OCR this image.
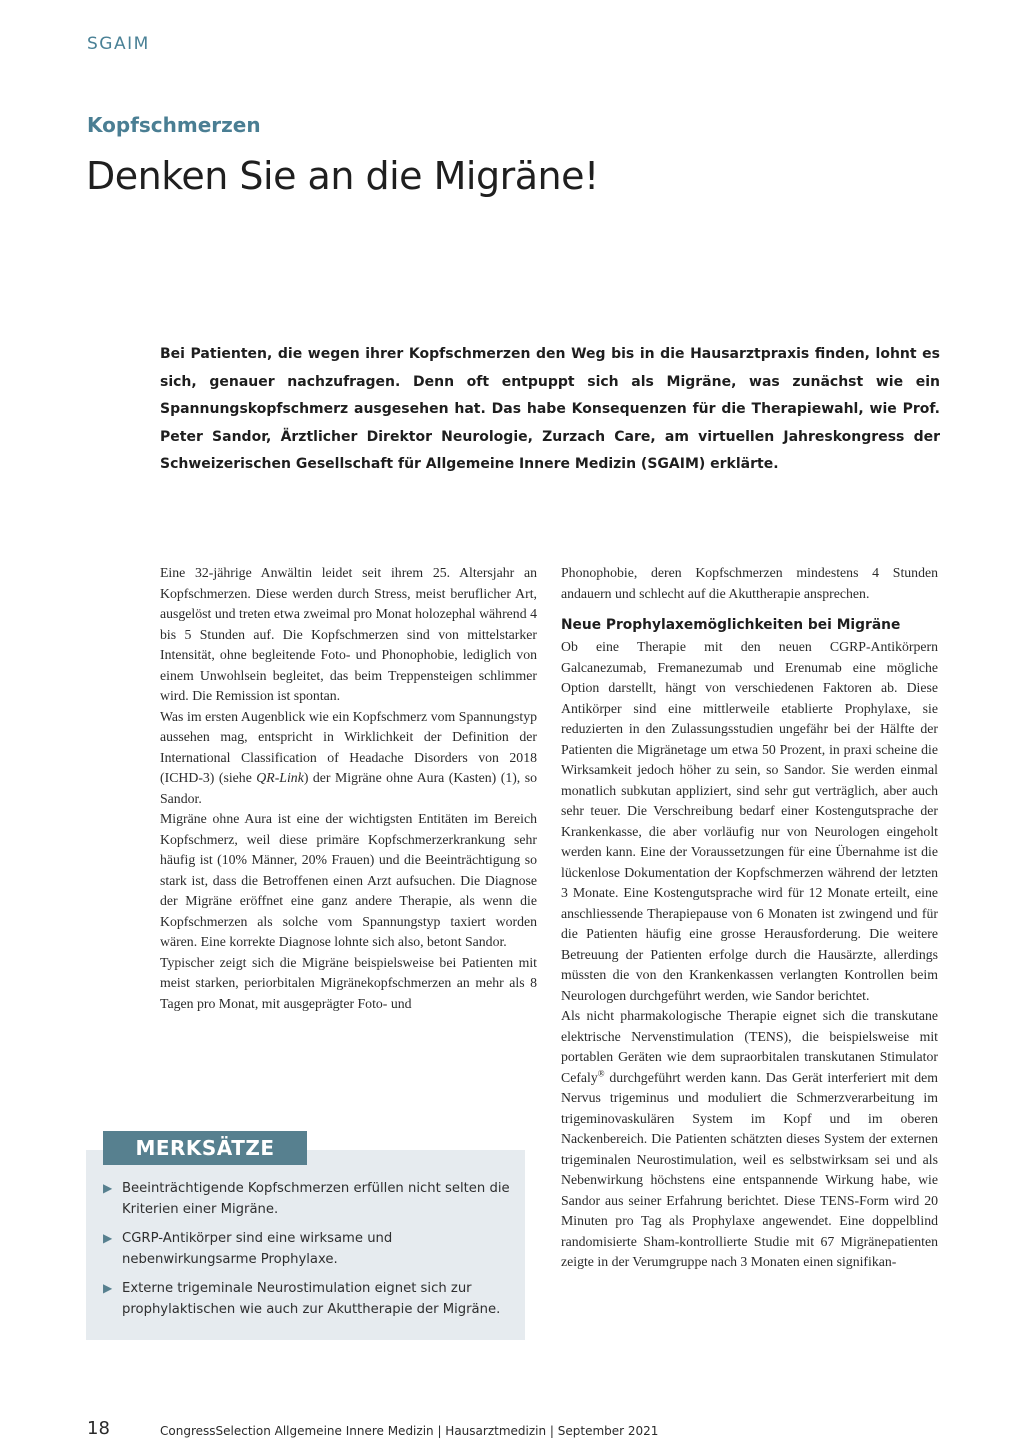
SGAIM
Kopfschmerzen
Denken Sie an die Migräne!

Bei Patienten, die wegen ihrer Kopfschmerzen den Weg bis in die Hausarztpraxis finden, lohnt es sich, genauer nachzufragen. Denn oft entpuppt sich als Migräne, was zunächst wie ein Spannungskopfschmerz ausgesehen hat. Das habe Konsequenzen für die Therapiewahl, wie Prof. Peter Sandor, Ärztlicher Direktor Neurologie, Zurzach Care, am virtuellen Jahreskongress der Schweizerischen Gesellschaft für Allgemeine Innere Medizin (SGAIM) erklärte.

Eine 32-jährige Anwältin leidet seit ihrem 25. Altersjahr an Kopfschmerzen. Diese werden durch Stress, meist beruflicher Art, ausgelöst und treten etwa zweimal pro Monat holozephal während 4 bis 5 Stunden auf. Die Kopfschmerzen sind von mittelstarker Intensität, ohne begleitende Foto- und Phonophobie, lediglich von einem Unwohlsein begleitet, das beim Treppensteigen schlimmer wird. Die Remission ist spontan.

Was im ersten Augenblick wie ein Kopfschmerz vom Spannungstyp aussehen mag, entspricht in Wirklichkeit der Definition der International Classification of Headache Disorders von 2018 (ICHD-3) (siehe QR-Link) der Migräne ohne Aura (Kasten) (1), so Sandor.

Migräne ohne Aura ist eine der wichtigsten Entitäten im Bereich Kopfschmerz, weil diese primäre Kopfschmerzerkrankung sehr häufig ist (10% Männer, 20% Frauen) und die Beeinträchtigung so stark ist, dass die Betroffenen einen Arzt aufsuchen. Die Diagnose der Migräne eröffnet eine ganz andere Therapie, als wenn die Kopfschmerzen als solche vom Spannungstyp taxiert worden wären. Eine korrekte Diagnose lohnte sich also, betont Sandor.

Typischer zeigt sich die Migräne beispielsweise bei Patienten mit meist starken, periorbitalen Migränekopfschmerzen an mehr als 8 Tagen pro Monat, mit ausgeprägter Foto- und

Phonophobie, deren Kopfschmerzen mindestens 4 Stunden andauern und schlecht auf die Akuttherapie ansprechen.

Neue Prophylaxemöglichkeiten bei Migräne

Ob eine Therapie mit den neuen CGRP-Antikörpern Galcanezumab, Fremanezumab und Erenumab eine mögliche Option darstellt, hängt von verschiedenen Faktoren ab. Diese Antikörper sind eine mittlerweile etablierte Prophylaxe, sie reduzierten in den Zulassungsstudien ungefähr bei der Hälfte der Patienten die Migränetage um etwa 50 Prozent, in praxi scheine die Wirksamkeit jedoch höher zu sein, so Sandor. Sie werden einmal monatlich subkutan appliziert, sind sehr gut verträglich, aber auch sehr teuer. Die Verschreibung bedarf einer Kostengutsprache der Krankenkasse, die aber vorläufig nur von Neurologen eingeholt werden kann. Eine der Voraussetzungen für eine Übernahme ist die lückenlose Dokumentation der Kopfschmerzen während der letzten 3 Monate. Eine Kostengutsprache wird für 12 Monate erteilt, eine anschliessende Therapiepause von 6 Monaten ist zwingend und für die Patienten häufig eine grosse Herausforderung. Die weitere Betreuung der Patienten erfolge durch die Hausärzte, allerdings müssten die von den Krankenkassen verlangten Kontrollen beim Neurologen durchgeführt werden, wie Sandor berichtet.

Als nicht pharmakologische Therapie eignet sich die transkutane elektrische Nervenstimulation (TENS), die beispielsweise mit portablen Geräten wie dem supraorbitalen transkutanen Stimulator Cefaly® durchgeführt werden kann. Das Gerät interferiert mit dem Nervus trigeminus und moduliert die Schmerzverarbeitung im trigeminovaskulären System im Kopf und im oberen Nackenbereich. Die Patienten schätzten dieses System der externen trigeminalen Neurostimulation, weil es selbstwirksam sei und als Nebenwirkung höchstens eine entspannende Wirkung habe, wie Sandor aus seiner Erfahrung berichtet. Diese TENS-Form wird 20 Minuten pro Tag als Prophylaxe angewendet. Eine doppelblind randomisierte Sham-kontrollierte Studie mit 67 Migränepatienten zeigte in der Verumgruppe nach 3 Monaten einen signifikan-

MERKSÄTZE
▶ Beeinträchtigende Kopfschmerzen erfüllen nicht selten die Kriterien einer Migräne.
▶ CGRP-Antikörper sind eine wirksame und nebenwirkungsarme Prophylaxe.
▶ Externe trigeminale Neurostimulation eignet sich zur prophylaktischen wie auch zur Akuttherapie der Migräne.
18	CongressSelection Allgemeine Innere Medizin | Hausarztmedizin | September 2021
